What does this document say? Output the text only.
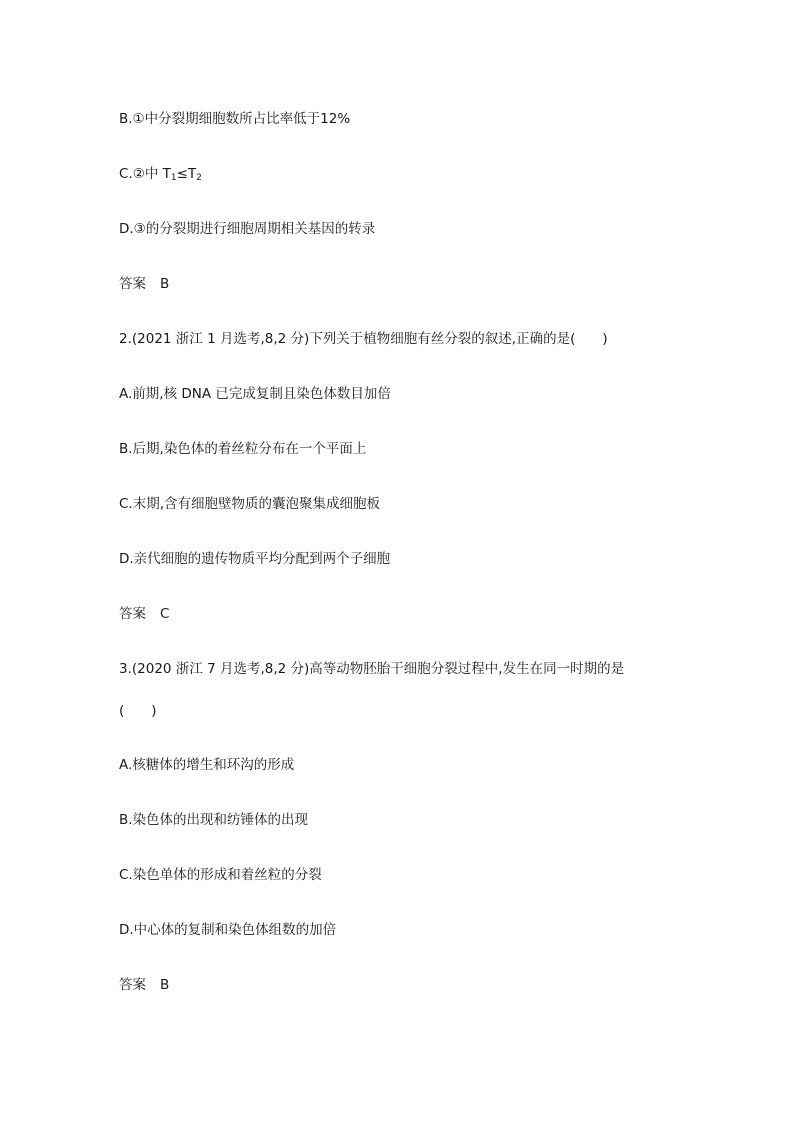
B.①中分裂期细胞数所占比率低于12%

C.②中 $T_1\le T_2$

D.③的分裂期进行细胞周期相关基因的转录

答案 B

2.(2021 浙江 1 月选考,8,2 分)下列关于植物细胞有丝分裂的叙述,正确的是(　　)

A.前期,核 DNA 已完成复制且染色体数目加倍

B.后期,染色体的着丝粒分布在一个平面上

C.末期,含有细胞壁物质的囊泡聚集成细胞板

D.亲代细胞的遗传物质平均分配到两个子细胞

答案 C

3.(2020 浙江 7 月选考,8,2 分)高等动物胚胎干细胞分裂过程中,发生在同一时期的是

(　　)

A.核糖体的增生和环沟的形成

B.染色体的出现和纺锤体的出现

C.染色单体的形成和着丝粒的分裂

D.中心体的复制和染色体组数的加倍

答案 B
